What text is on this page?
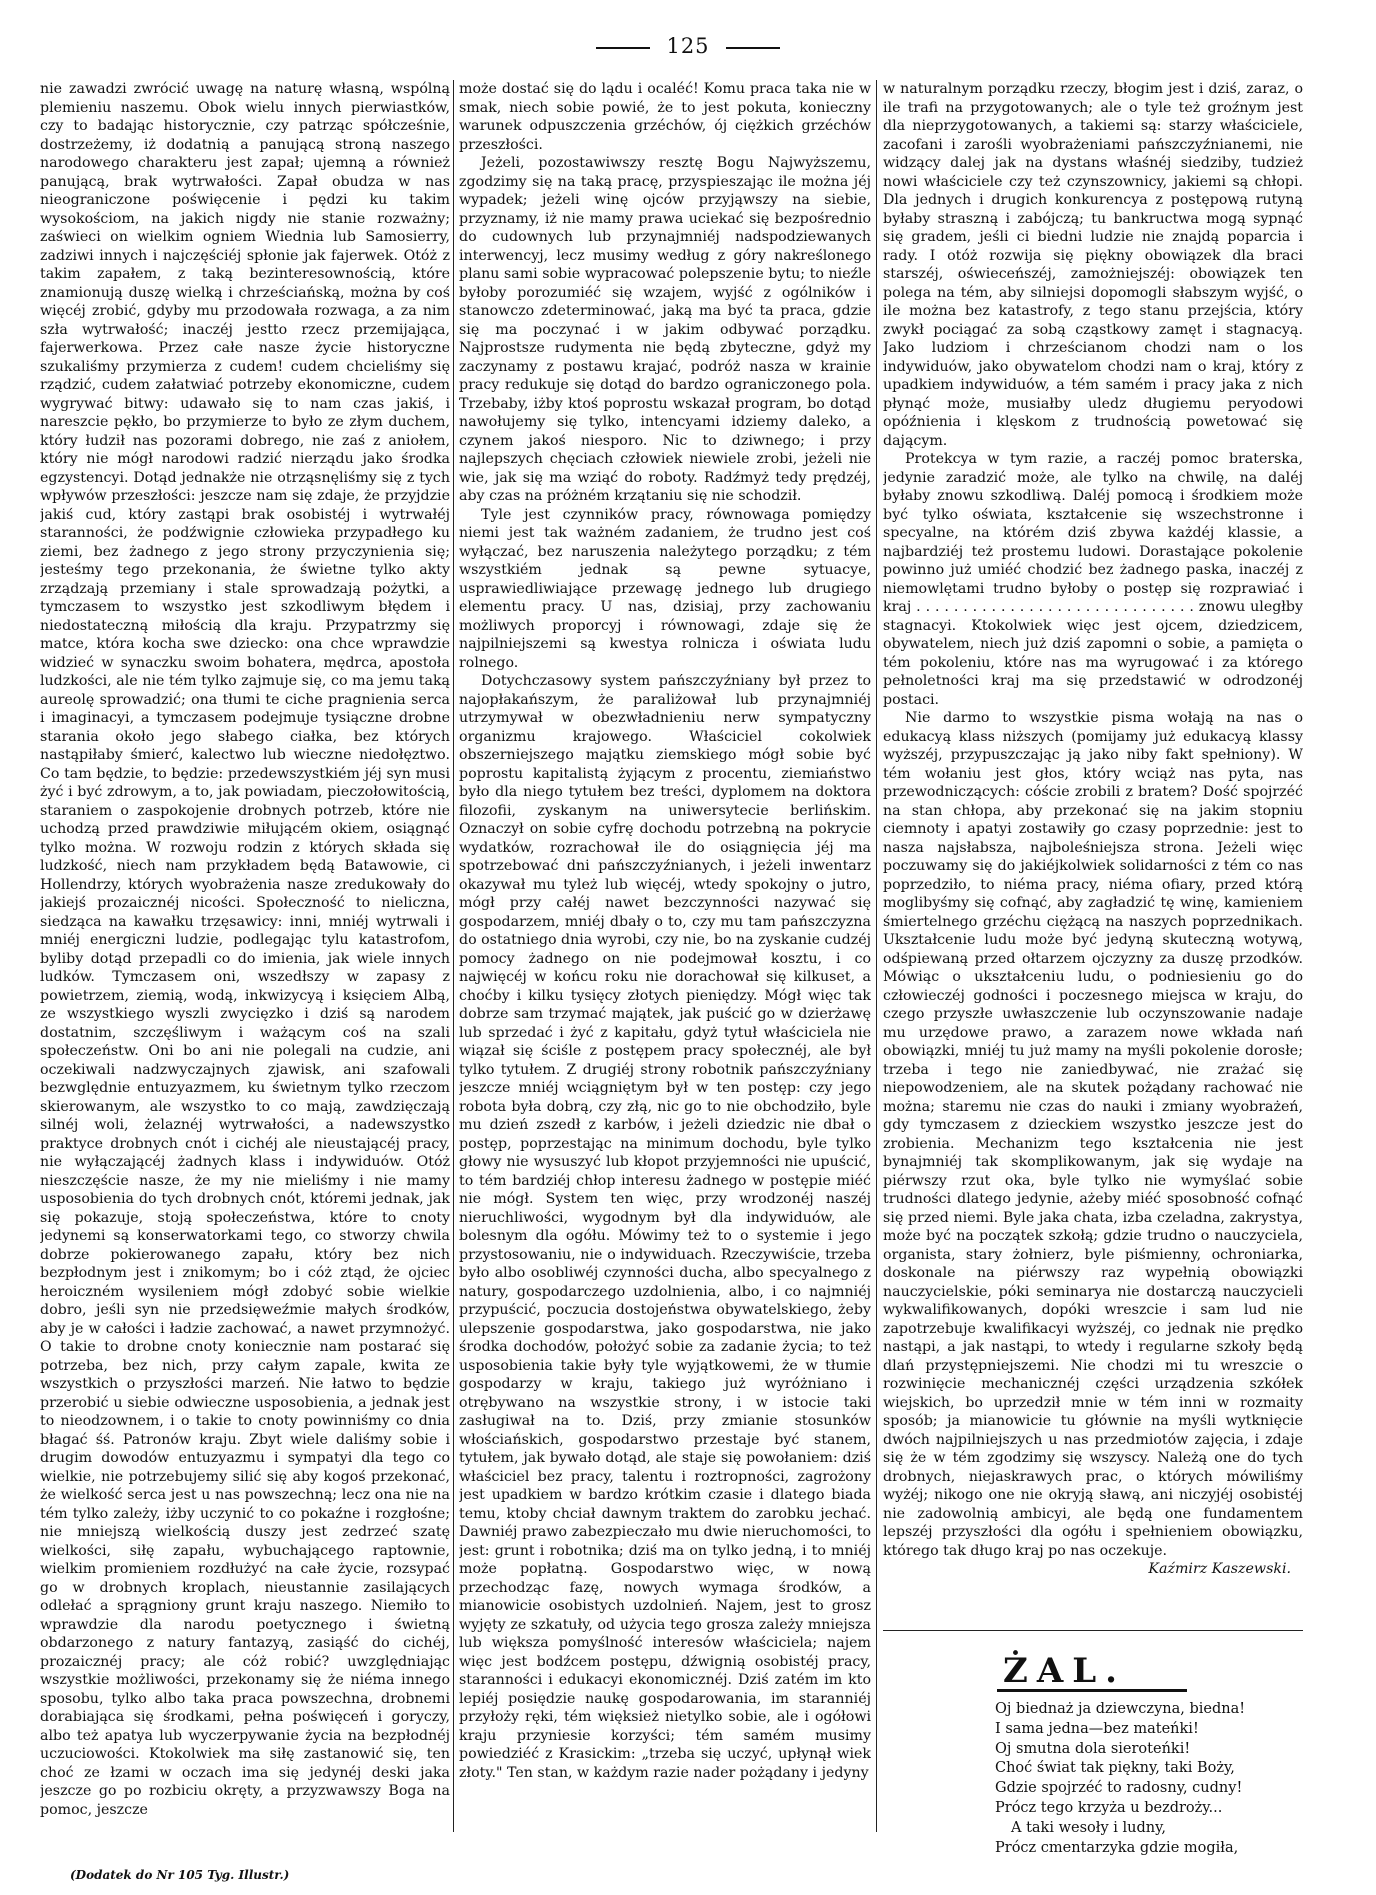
125

nie zawadzi zwrócić uwagę na naturę własną, wspólną plemieniu naszemu. Obok wielu innych pierwiastków, czy to badając historycznie, czy patrząc spółcześnie, dostrzeżemy, iż dodatnią a panującą stroną naszego narodowego charakteru jest zapał; ujemną a również panującą, brak wytrwałości. Zapał obudza w nas nieograniczone poświęcenie i pędzi ku takim wysokościom, na jakich nigdy nie stanie rozważny; zaświeci on wielkim ogniem Wiednia lub Samosierry, zadziwi innych i najczęściéj spłonie jak fajerwek. Otóż z takim zapałem, z taką bezinteresownością, które znamionują duszę wielką i chrześciańską, można by coś więcéj zrobić, gdyby mu przodowała rozwaga, a za nim szła wytrwałość; inaczéj jestto rzecz przemijająca, fajerwerkowa. Przez całe nasze życie historyczne szukaliśmy przymierza z cudem! cudem chcieliśmy się rządzić, cudem załatwiać potrzeby ekonomiczne, cudem wygrywać bitwy: udawało się to nam czas jakiś, i nareszcie pękło, bo przymierze to było ze złym duchem, który łudził nas pozorami dobrego, nie zaś z aniołem, który nie mógł narodowi radzić nierządu jako środka egzystencyi. Dotąd jednakże nie otrząsnęliśmy się z tych wpływów przeszłości: jeszcze nam się zdaje, że przyjdzie jakiś cud, który zastąpi brak osobistéj i wytrwałéj staranności, że podźwignie człowieka przypadłego ku ziemi, bez żadnego z jego strony przyczynienia się; jesteśmy tego przekonania, że świetne tylko akty zrządzają przemiany i stale sprowadzają pożytki, a tymczasem to wszystko jest szkodliwym błędem i niedostateczną miłością dla kraju. Przypatrzmy się matce, która kocha swe dziecko: ona chce wprawdzie widzieć w synaczku swoim bohatera, mędrca, apostoła ludzkości, ale nie tém tylko zajmuje się, co ma jemu taką aureolę sprowadzić; ona tłumi te ciche pragnienia serca i imaginacyi, a tymczasem podejmuje tysiączne drobne starania około jego słabego ciałka, bez których nastąpiłaby śmierć, kalectwo lub wieczne niedołęztwo. Co tam będzie, to będzie: przedewszystkiém jéj syn musi żyć i być zdrowym, a to, jak powiadam, pieczołowitością, staraniem o zaspokojenie drobnych potrzeb, które nie uchodzą przed prawdziwie miłującém okiem, osiągnąć tylko można. W rozwoju rodzin z których składa się ludzkość, niech nam przykładem będą Batawowie, ci Hollendrzy, których wyobrażenia nasze zredukowały do jakiejś prozaicznéj nicości. Społeczność to nieliczna, siedząca na kawałku trzęsawicy: inni, mniéj wytrwali i mniéj energiczni ludzie, podlegając tylu katastrofom, byliby dotąd przepadli co do imienia, jak wiele innych ludków. Tymczasem oni, wszedłszy w zapasy z powietrzem, ziemią, wodą, inkwizycyą i księciem Albą, ze wszystkiego wyszli zwycięzko i dziś są narodem dostatnim, szczęśliwym i ważącym coś na szali społeczeństw. Oni bo ani nie polegali na cudzie, ani oczekiwali nadzwyczajnych zjawisk, ani szafowali bezwględnie entuzyazmem, ku świetnym tylko rzeczom skierowanym, ale wszystko to co mają, zawdzięczają silnéj woli, żelaznéj wytrwałości, a nadewszystko praktyce drobnych cnót i cichéj ale nieustającéj pracy, nie wyłączającéj żadnych klass i indywiduów. Otóż nieszczęście nasze, że my nie mieliśmy i nie mamy usposobienia do tych drobnych cnót, któremi jednak, jak się pokazuje, stoją społeczeństwa, które to cnoty jedynemi są konserwatorkami tego, co stworzy chwila dobrze pokierowanego zapału, który bez nich bezpłodnym jest i znikomym; bo i cóż ztąd, że ojciec heroiczném wysileniem mógł zdobyć sobie wielkie dobro, jeśli syn nie przedsięweźmie małych środków, aby je w całości i ładzie zachować, a nawet przymnożyć. O takie to drobne cnoty koniecznie nam postarać się potrzeba, bez nich, przy całym zapale, kwita ze wszystkich o przyszłości marzeń. Nie łatwo to będzie przerobić u siebie odwieczne usposobienia, a jednak jest to nieodzownem, i o takie to cnoty powinniśmy co dnia błagać śś. Patronów kraju. Zbyt wiele daliśmy sobie i drugim dowodów entuzyazmu i sympatyi dla tego co wielkie, nie potrzebujemy silić się aby kogoś przekonać, że wielkość serca jest u nas powszechną; lecz ona nie na tém tylko zależy, iżby uczynić to co pokaźne i rozgłośne; nie mniejszą wielkością duszy jest zedrzeć szatę wielkości, siłę zapału, wybuchającego raptownie, wielkim promieniem rozdłużyć na całe życie, rozsypać go w drobnych kroplach, nieustannie zasilających odlełać a sprągniony grunt kraju naszego. Niemiło to wprawdzie dla narodu poetycznego i świetną obdarzonego z natury fantazyą, zasiąść do cichéj, prozaicznéj pracy; ale cóż robić? uwzględniając wszystkie możliwości, przekonamy się że niéma innego sposobu, tylko albo taka praca powszechna, drobnemi dorabiająca się środkami, pełna poświęceń i goryczy, albo też apatya lub wyczerpywanie życia na bezpłodnéj uczuciowości. Ktokolwiek ma siłę zastanowić się, ten choć ze łzami w oczach ima się jedynéj deski jaka jeszcze go po rozbiciu okręty, a przyzwawszy Boga na pomoc, jeszcze

może dostać się do lądu i ocaléć! Komu praca taka nie w smak, niech sobie powié, że to jest pokuta, konieczny warunek odpuszczenia grzéchów, ój ciężkich grzéchów przeszłości.

Jeżeli, pozostawiwszy resztę Bogu Najwyższemu, zgodzimy się na taką pracę, przyspieszając ile można jéj wypadek; jeżeli winę ojców przyjąwszy na siebie, przyznamy, iż nie mamy prawa uciekać się bezpośrednio do cudownych lub przynajmniéj nadspodziewanych interwencyj, lecz musimy według z góry nakreślonego planu sami sobie wypracować polepszenie bytu; to nieźle byłoby porozumiéć się wzajem, wyjść z ogólników i stanowczo zdeterminować, jaką ma być ta praca, gdzie się ma poczynać i w jakim odbywać porządku. Najprostsze rudymenta nie będą zbyteczne, gdyż my zaczynamy z postawu krajać, podróż nasza w krainie pracy redukuje się dotąd do bardzo ograniczonego pola. Trzebaby, iżby ktoś poprostu wskazał program, bo dotąd nawołujemy się tylko, intencyami idziemy daleko, a czynem jakoś niesporo. Nic to dziwnego; i przy najlepszych chęciach człowiek niewiele zrobi, jeżeli nie wie, jak się ma wziąć do roboty. Radźmyż tedy prędzéj, aby czas na próżném krzątaniu się nie schodził.

Tyle jest czynników pracy, równowaga pomiędzy niemi jest tak ważném zadaniem, że trudno jest coś wyłączać, bez naruszenia należytego porządku; z tém wszystkiém jednak są pewne sytuacye, usprawiedliwiające przewagę jednego lub drugiego elementu pracy. U nas, dzisiaj, przy zachowaniu możliwych proporcyj i równowagi, zdaje się że najpilniejszemi są kwestya rolnicza i oświata ludu rolnego.

Dotychczasowy system pańszczyźniany był przez to najopłakańszym, że paraliżował lub przynajmniéj utrzymywał w obezwładnieniu nerw sympatyczny organizmu krajowego. Właściciel cokolwiek obszerniejszego majątku ziemskiego mógł sobie być poprostu kapitalistą żyjącym z procentu, ziemiaństwo było dla niego tytułem bez treści, dyplomem na doktora filozofii, zyskanym na uniwersytecie berlińskim. Oznaczył on sobie cyfrę dochodu potrzebną na pokrycie wydatków, rozrachował ile do osiągnięcia jéj ma spotrzebować dni pańszczyźnianych, i jeżeli inwentarz okazywał mu tyleż lub więcéj, wtedy spokojny o jutro, mógł przy całéj nawet bezczynności nazywać się gospodarzem, mniéj dbały o to, czy mu tam pańszczyzna do ostatniego dnia wyrobi, czy nie, bo na zyskanie cudzéj pomocy żadnego on nie podejmował kosztu, i co najwięcéj w końcu roku nie dorachował się kilkuset, a choćby i kilku tysięcy złotych pieniędzy. Mógł więc tak dobrze sam trzymać majątek, jak puścić go w dzierżawę lub sprzedać i żyć z kapitału, gdyż tytuł właściciela nie wiązał się ściśle z postępem pracy społecznéj, ale był tylko tytułem. Z drugiéj strony robotnik pańszczyźniany jeszcze mniéj wciągniętym był w ten postęp: czy jego robota była dobrą, czy złą, nic go to nie obchodziło, byle mu dzień zszedł z karbów, i jeżeli dziedzic nie dbał o postęp, poprzestając na minimum dochodu, byle tylko głowy nie wysuszyć lub kłopot przyjemności nie upuścić, to tém bardziéj chłop interesu żadnego w postępie miéć nie mógł. System ten więc, przy wrodzonéj naszéj nieruchliwości, wygodnym był dla indywiduów, ale bolesnym dla ogółu. Mówimy też to o systemie i jego przystosowaniu, nie o indywiduach. Rzeczywiście, trzeba było albo osobliwéj czynności ducha, albo specyalnego z natury, gospodarczego uzdolnienia, albo, i co najmniéj przypuścić, poczucia dostojeństwa obywatelskiego, żeby ulepszenie gospodarstwa, jako gospodarstwa, nie jako środka dochodów, położyć sobie za zadanie życia; to też usposobienia takie były tyle wyjątkowemi, że w tłumie gospodarzy w kraju, takiego już wyróżniano i otrębywano na wszystkie strony, i w istocie taki zasługiwał na to. Dziś, przy zmianie stosunków włościańskich, gospodarstwo przestaje być stanem, tytułem, jak bywało dotąd, ale staje się powołaniem: dziś właściciel bez pracy, talentu i roztropności, zagrożony jest upadkiem w bardzo krótkim czasie i dlatego biada temu, ktoby chciał dawnym traktem do zarobku jechać. Dawniéj prawo zabezpieczało mu dwie nieruchomości, to jest: grunt i robotnika; dziś ma on tylko jedną, i to mniéj może popłatną. Gospodarstwo więc, w nową przechodząc fazę, nowych wymaga środków, a mianowicie osobistych uzdolnień. Najem, jest to grosz wyjęty ze szkatuły, od użycia tego grosza zależy mniejsza lub większa pomyślność interesów właściciela; najem więc jest bodźcem postępu, dźwignią osobistéj pracy, staranności i edukacyi ekonomicznéj. Dziś zatém im kto lepiéj posiędzie naukę gospodarowania, im staranniéj przyłoży ręki, tém więksież nietylko sobie, ale i ogółowi kraju przyniesie korzyści; tém samém musimy powiedziéć z Krasickim: „trzeba się uczyć, upłynął wiek złoty." Ten stan, w każdym razie nader pożądany i jedyny

w naturalnym porządku rzeczy, błogim jest i dziś, zaraz, o ile trafi na przygotowanych; ale o tyle też groźnym jest dla nieprzygotowanych, a takiemi są: starzy właściciele, zacofani i zarośli wyobrażeniami pańszczyźnianemi, nie widzący dalej jak na dystans właśnéj siedziby, tudzież nowi właściciele czy też czynszownicy, jakiemi są chłopi. Dla jednych i drugich konkurencya z postępową rutyną byłaby straszną i zabójczą; tu bankructwa mogą sypnąć się gradem, jeśli ci biedni ludzie nie znajdą poparcia i rady. I otóż rozwija się piękny obowiązek dla braci starszéj, oświeceńszéj, zamożniejszéj: obowiązek ten polega na tém, aby silniejsi dopomogli słabszym wyjść, o ile można bez katastrofy, z tego stanu przejścia, który zwykł pociągać za sobą cząstkowy zamęt i stagnacyą. Jako ludziom i chrześcianom chodzi nam o los indywiduów, jako obywatelom chodzi nam o kraj, który z upadkiem indywiduów, a tém samém i pracy jaka z nich płynąć może, musiałby uledz długiemu peryodowi opóźnienia i klęskom z trudnością powetować się dającym.

Protekcya w tym razie, a raczéj pomoc braterska, jedynie zaradzić może, ale tylko na chwilę, na daléj byłaby znowu szkodliwą. Daléj pomocą i środkiem może być tylko oświata, kształcenie się wszechstronne i specyalne, na którém dziś zbywa każdéj klassie, a najbardziéj też prostemu ludowi. Dorastające pokolenie powinno już umiéć chodzić bez żadnego paska, inaczéj z niemowlętami trudno byłoby o postęp się rozprawiać i kraj . . . . . . . . . . . . . . . . . . . . . . . . . . . . . . znowu uległby stagnacyi. Ktokolwiek więc jest ojcem, dziedzicem, obywatelem, niech już dziś zapomni o sobie, a pamięta o tém pokoleniu, które nas ma wyrugować i za którego pełnoletności kraj ma się przedstawić w odrodzonéj postaci.

Nie darmo to wszystkie pisma wołają na nas o edukacyą klass niższych (pomijamy już edukacyą klassy wyższéj, przypuszczając ją jako niby fakt spełniony). W tém wołaniu jest głos, który wciąż nas pyta, nas przewodniczących: cóście zrobili z bratem? Dość spojrzéć na stan chłopa, aby przekonać się na jakim stopniu ciemnoty i apatyi zostawiły go czasy poprzednie: jest to nasza najsłabsza, najboleśniejsza strona. Jeżeli więc poczuwamy się do jakiéjkolwiek solidarności z tém co nas poprzedziło, to niéma pracy, niéma ofiary, przed którą moglibyśmy się cofnąć, aby zagładzić tę winę, kamieniem śmiertelnego grzéchu ciężącą na naszych poprzednikach. Ukształcenie ludu może być jedyną skuteczną wotywą, odśpiewaną przed ołtarzem ojczyzny za duszę przodków. Mówiąc o ukształceniu ludu, o podniesieniu go do człowieczéj godności i poczesnego miejsca w kraju, do czego przyszłe uwłaszczenie lub oczynszowanie nadaje mu urzędowe prawo, a zarazem nowe wkłada nań obowiązki, mniéj tu już mamy na myśli pokolenie dorosłe; trzeba i tego nie zaniedbywać, nie zrażać się niepowodzeniem, ale na skutek pożądany rachować nie można; staremu nie czas do nauki i zmiany wyobrażeń, gdy tymczasem z dzieckiem wszystko jeszcze jest do zrobienia. Mechanizm tego kształcenia nie jest bynajmniéj tak skomplikowanym, jak się wydaje na piérwszy rzut oka, byle tylko nie wymyślać sobie trudności dlatego jedynie, ażeby miéć sposobność cofnąć się przed niemi. Byle jaka chata, izba czeladna, zakrystya, może być na początek szkołą; gdzie trudno o nauczyciela, organista, stary żołnierz, byle piśmienny, ochroniarka, doskonale na piérwszy raz wypełnią obowiązki nauczycielskie, póki seminarya nie dostarczą nauczycieli wykwalifikowanych, dopóki wreszcie i sam lud nie zapotrzebuje kwalifikacyi wyższéj, co jednak nie prędko nastąpi, a jak nastąpi, to wtedy i regularne szkoły będą dlań przystępniejszemi. Nie chodzi mi tu wreszcie o rozwinięcie mechanicznéj części urządzenia szkółek wiejskich, bo uprzedził mnie w tém inni w rozmaity sposób; ja mianowicie tu głównie na myśli wytknięcie dwóch najpilniejszych u nas przedmiotów zajęcia, i zdaje się że w tém zgodzimy się wszyscy. Należą one do tych drobnych, niejaskrawych prac, o których mówiliśmy wyżéj; nikogo one nie okryją sławą, ani niczyjéj osobistéj nie zadowolnią ambicyi, ale będą one fundamentem lepszéj przyszłości dla ogółu i spełnieniem obowiązku, którego tak długo kraj po nas oczekuje.

Kaźmirz Kaszewski.
ŻAL.
Oj biednaż ja dziewczyna, biedna!
I sama jedna—bez mateńki!
Oj smutna dola sieroteńki!
Choć świat tak piękny, taki Boży,
Gdzie spojrzéć to radosny, cudny!
Prócz tego krzyża u bezdroży...
A taki wesoły i ludny,
Prócz cmentarzyka gdzie mogiła,
(Dodatek do Nr 105 Tyg. Illustr.)
